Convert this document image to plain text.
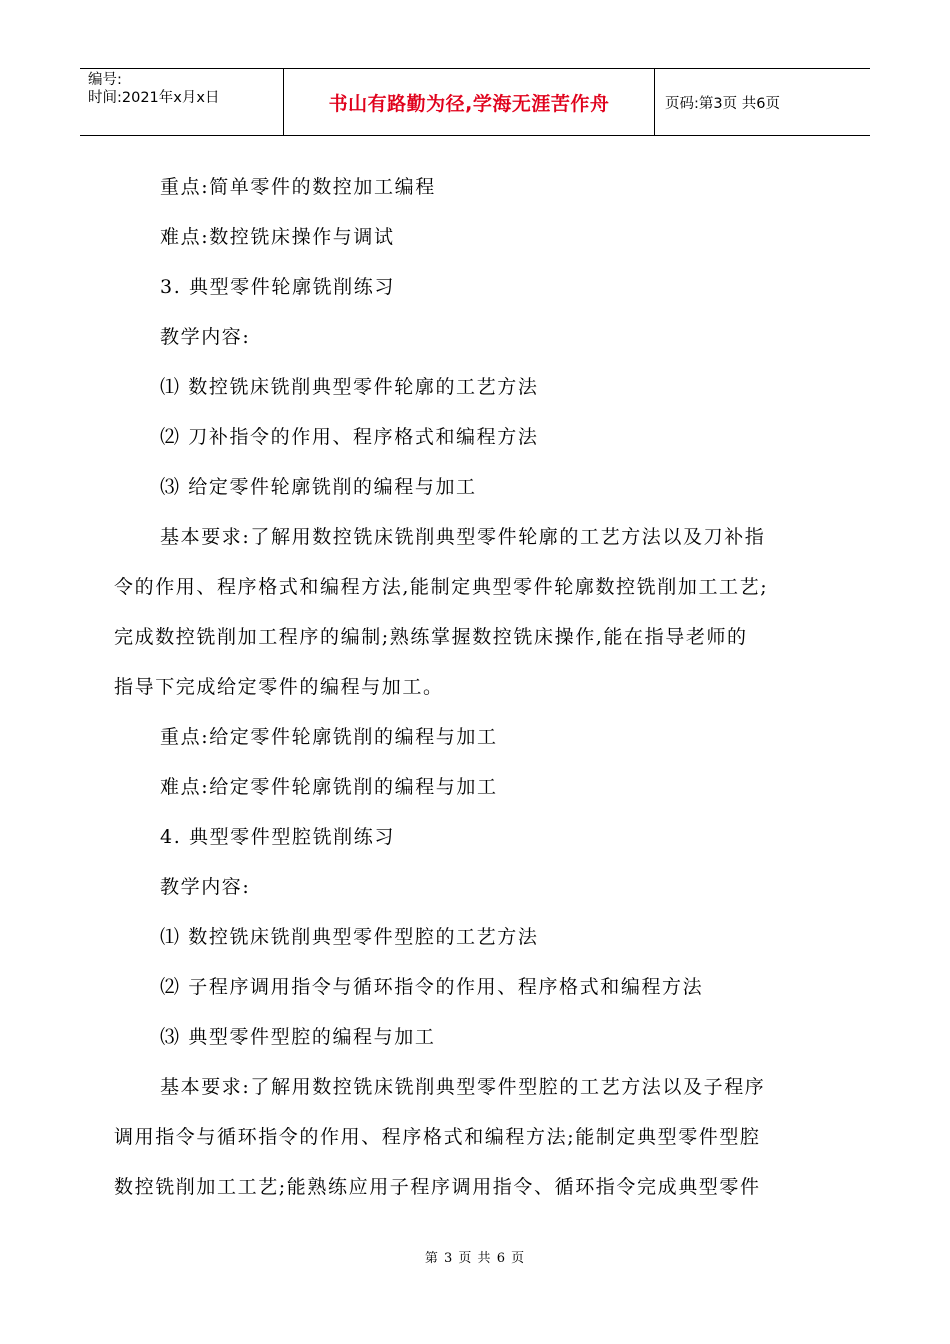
编号:
时间:2021年x月x日	书山有路勤为径,学海无涯苦作舟	页码:第3页 共6页
重点:简单零件的数控加工编程
难点:数控铣床操作与调试
3. 典型零件轮廓铣削练习
教学内容:
⑴ 数控铣床铣削典型零件轮廓的工艺方法
⑵ 刀补指令的作用、程序格式和编程方法
⑶ 给定零件轮廓铣削的编程与加工
基本要求:了解用数控铣床铣削典型零件轮廓的工艺方法以及刀补指
令的作用、程序格式和编程方法,能制定典型零件轮廓数控铣削加工工艺;
完成数控铣削加工程序的编制;熟练掌握数控铣床操作,能在指导老师的
指导下完成给定零件的编程与加工。
重点:给定零件轮廓铣削的编程与加工
难点:给定零件轮廓铣削的编程与加工
4. 典型零件型腔铣削练习
教学内容:
⑴ 数控铣床铣削典型零件型腔的工艺方法
⑵ 子程序调用指令与循环指令的作用、程序格式和编程方法
⑶ 典型零件型腔的编程与加工
基本要求:了解用数控铣床铣削典型零件型腔的工艺方法以及子程序
调用指令与循环指令的作用、程序格式和编程方法;能制定典型零件型腔
数控铣削加工工艺;能熟练应用子程序调用指令、循环指令完成典型零件
第 3 页 共 6 页
